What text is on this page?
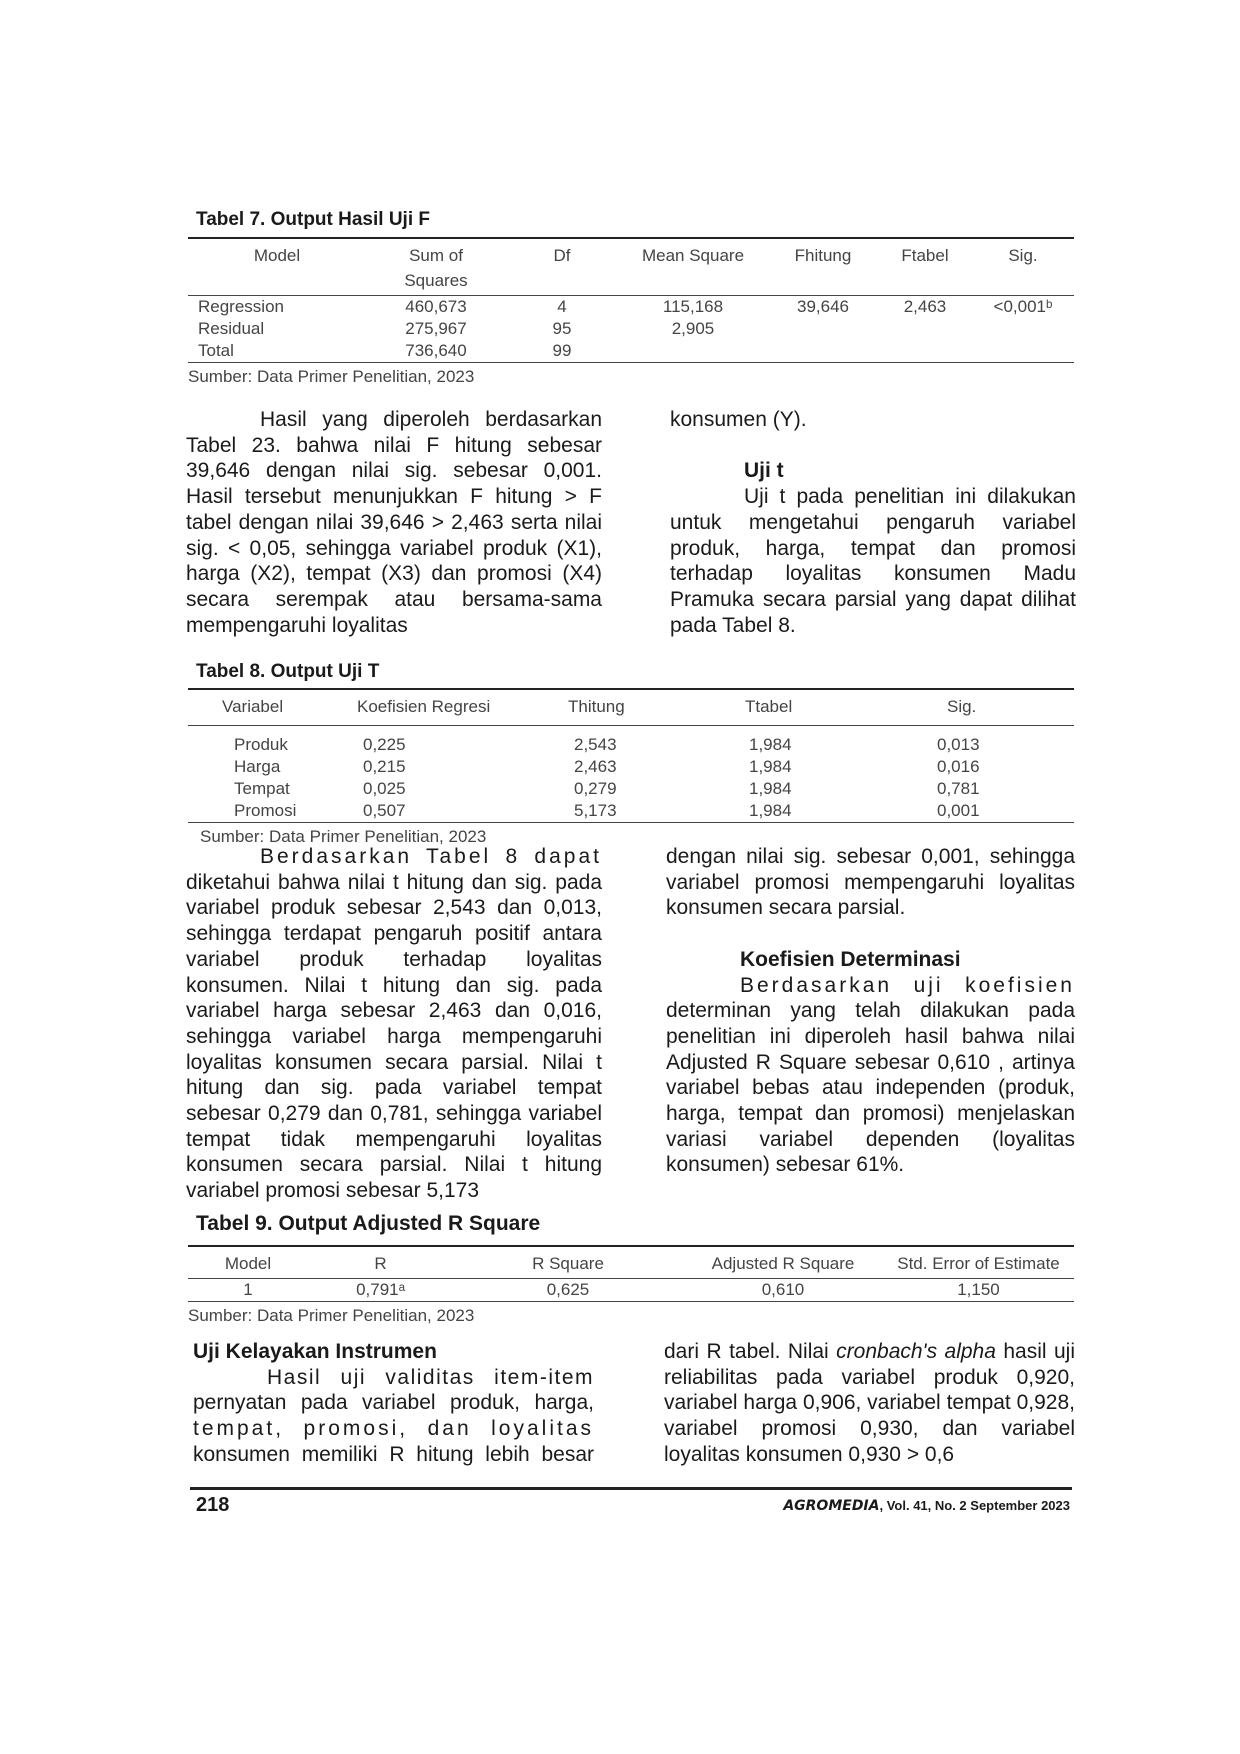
Tabel 7. Output Hasil Uji F

Model	Sum of Squares	Df	Mean Square	Fhitung	Ftabel	Sig.
Regression	460,673	4	115,168	39,646	2,463	<0,001ᵇ
Residual	275,967	95	2,905			
Total	736,640	99				
Sumber: Data Primer Penelitian, 2023

Hasil yang diperoleh berdasarkan Tabel 23. bahwa nilai F hitung sebesar 39,646 dengan nilai sig. sebesar 0,001. Hasil tersebut menunjukkan F hitung > F tabel dengan nilai 39,646 > 2,463 serta nilai sig. < 0,05, sehingga variabel produk (X1), harga (X2), tempat (X3) dan promosi (X4) secara serempak atau bersama-sama mempengaruhi loyalitas

konsumen (Y).

Uji t

Uji t pada penelitian ini dilakukan untuk mengetahui pengaruh variabel produk, harga, tempat dan promosi terhadap loyalitas konsumen Madu Pramuka secara parsial yang dapat dilihat pada Tabel 8.

Tabel 8. Output Uji T

Variabel	Koefisien Regresi	Thitung	Ttabel	Sig.

Produk	0,225	2,543	1,984	0,013
Harga	0,215	2,463	1,984	0,016
Tempat	0,025	0,279	1,984	0,781
Promosi	0,507	5,173	1,984	0,001
Sumber: Data Primer Penelitian, 2023

Berdasarkan Tabel 8 dapat diketahui bahwa nilai t hitung dan sig. pada variabel produk sebesar 2,543 dan 0,013, sehingga terdapat pengaruh positif antara variabel produk terhadap loyalitas konsumen. Nilai t hitung dan sig. pada variabel harga sebesar 2,463 dan 0,016, sehingga variabel harga mempengaruhi loyalitas konsumen secara parsial. Nilai t hitung dan sig. pada variabel tempat sebesar 0,279 dan 0,781, sehingga variabel tempat tidak mempengaruhi loyalitas konsumen secara parsial. Nilai t hitung variabel promosi sebesar 5,173

dengan nilai sig. sebesar 0,001, sehingga variabel promosi mempengaruhi loyalitas konsumen secara parsial.

Koefisien Determinasi

Berdasarkan uji koefisien determinan yang telah dilakukan pada penelitian ini diperoleh hasil bahwa nilai Adjusted R Square sebesar 0,610 , artinya variabel bebas atau independen (produk, harga, tempat dan promosi) menjelaskan variasi variabel dependen (loyalitas konsumen) sebesar 61%.

Tabel 9. Output Adjusted R Square

Model	R	R Square	Adjusted R Square	Std. Error of Estimate
1	0,791ᵃ	0,625	0,610	1,150
Sumber: Data Primer Penelitian, 2023

Uji Kelayakan Instrumen

Hasil uji validitas item-item

pernyatan pada variabel produk, harga,

tempat, promosi, dan loyalitas

konsumen memiliki R hitung lebih besar

dari R tabel. Nilai cronbach's alpha hasil uji reliabilitas pada variabel produk 0,920, variabel harga 0,906, variabel tempat 0,928, variabel promosi 0,930, dan variabel loyalitas konsumen 0,930 > 0,6

218	AGROMEDIA, Vol. 41, No. 2 September 2023
